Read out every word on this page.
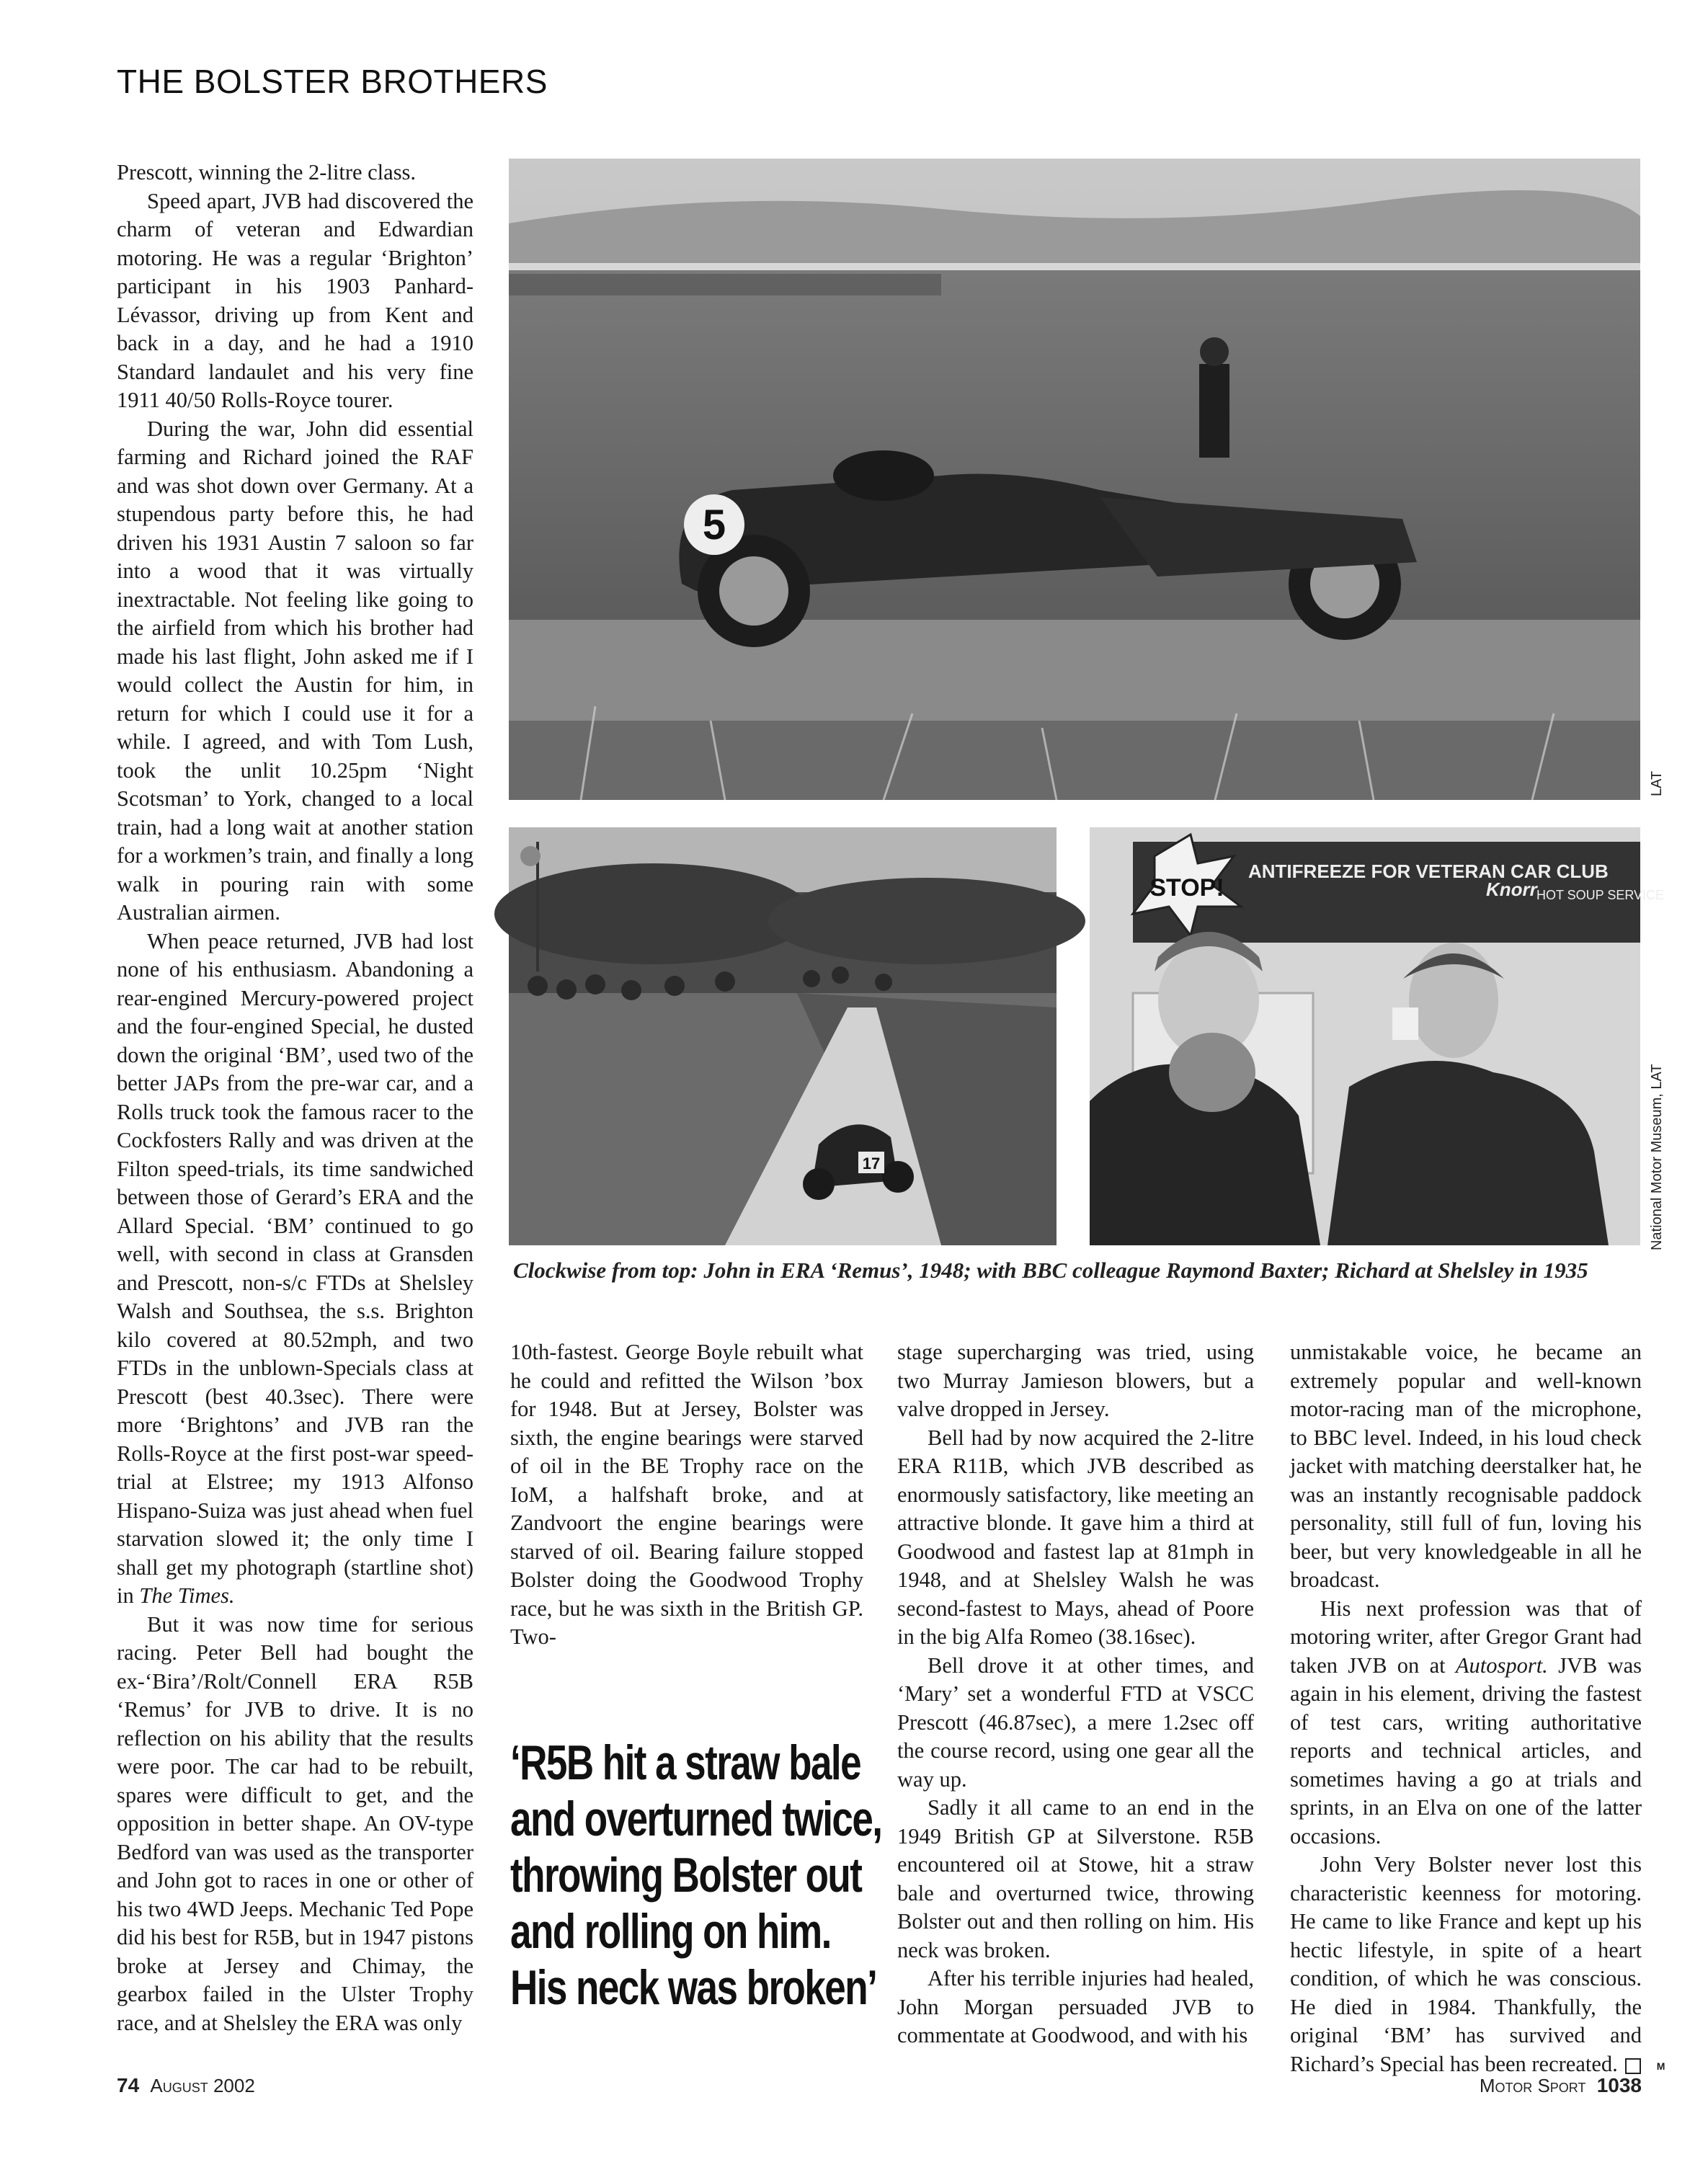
THE BOLSTER BROTHERS

Prescott, winning the 2-litre class.

Speed apart, JVB had discovered the charm of veteran and Edwardian motoring. He was a regular ‘Brighton’ participant in his 1903 Panhard-Lévassor, driving up from Kent and back in a day, and he had a 1910 Standard landaulet and his very fine 1911 40/50 Rolls-Royce tourer.

During the war, John did essential farming and Richard joined the RAF and was shot down over Germany. At a stupendous party before this, he had driven his 1931 Austin 7 saloon so far into a wood that it was virtually inextractable. Not feeling like going to the airfield from which his brother had made his last flight, John asked me if I would collect the Austin for him, in return for which I could use it for a while. I agreed, and with Tom Lush, took the unlit 10.25pm ‘Night Scotsman’ to York, changed to a local train, had a long wait at another station for a workmen’s train, and finally a long walk in pouring rain with some Australian airmen.

When peace returned, JVB had lost none of his enthusiasm. Abandoning a rear-engined Mercury-powered project and the four-engined Special, he dusted down the original ‘BM’, used two of the better JAPs from the pre-war car, and a Rolls truck took the famous racer to the Cockfosters Rally and was driven at the Filton speed-trials, its time sandwiched between those of Gerard’s ERA and the Allard Special. ‘BM’ continued to go well, with second in class at Gransden and Prescott, non-s/c FTDs at Shelsley Walsh and Southsea, the s.s. Brighton kilo covered at 80.52mph, and two FTDs in the unblown-Specials class at Prescott (best 40.3sec). There were more ‘Brightons’ and JVB ran the Rolls-Royce at the first post-war speed-trial at Elstree; my 1913 Alfonso Hispano-Suiza was just ahead when fuel starvation slowed it; the only time I shall get my photograph (startline shot) in The Times.

But it was now time for serious racing. Peter Bell had bought the ex-‘Bira’/Rolt/Connell ERA R5B ‘Remus’ for JVB to drive. It is no reflection on his ability that the results were poor. The car had to be rebuilt, spares were difficult to get, and the opposition in better shape. An OV-type Bedford van was used as the transporter and John got to races in one or other of his two 4WD Jeeps. Mechanic Ted Pope did his best for R5B, but in 1947 pistons broke at Jersey and Chimay, the gearbox failed in the Ulster Trophy race, and at Shelsley the ERA was only

5
LAT
17
STOP!
ANTIFREEZE FOR VETERAN CAR CLUB
Knorr HOT SOUP SERVICE
National Motor Museum, LAT
Clockwise from top: John in ERA ‘Remus’, 1948; with BBC colleague Raymond Baxter; Richard at Shelsley in 1935

10th-fastest. George Boyle rebuilt what he could and refitted the Wilson ’box for 1948. But at Jersey, Bolster was sixth, the engine bearings were starved of oil in the BE Trophy race on the IoM, a halfshaft broke, and at Zandvoort the engine bearings were starved of oil. Bearing failure stopped Bolster doing the Goodwood Trophy race, but he was sixth in the British GP. Two-

‘R5B hit a straw bale
and overturned twice,
throwing Bolster out
and rolling on him.
His neck was broken’

stage supercharging was tried, using two Murray Jamieson blowers, but a valve dropped in Jersey.

Bell had by now acquired the 2-litre ERA R11B, which JVB described as enormously satisfactory, like meeting an attractive blonde. It gave him a third at Goodwood and fastest lap at 81mph in 1948, and at Shelsley Walsh he was second-fastest to Mays, ahead of Poore in the big Alfa Romeo (38.16sec).

Bell drove it at other times, and ‘Mary’ set a wonderful FTD at VSCC Prescott (46.87sec), a mere 1.2sec off the course record, using one gear all the way up.

Sadly it all came to an end in the 1949 British GP at Silverstone. R5B encountered oil at Stowe, hit a straw bale and overturned twice, throwing Bolster out and then rolling on him. His neck was broken.

After his terrible injuries had healed, John Morgan persuaded JVB to commentate at Goodwood, and with his

unmistakable voice, he became an extremely popular and well-known motor-racing man of the microphone, to BBC level. Indeed, in his loud check jacket with matching deerstalker hat, he was an instantly recognisable paddock personality, still full of fun, loving his beer, but very knowledgeable in all he broadcast.

His next profession was that of motoring writer, after Gregor Grant had taken JVB on at Autosport. JVB was again in his element, driving the fastest of test cars, writing authoritative reports and technical articles, and sometimes having a go at trials and sprints, in an Elva on one of the latter occasions.

John Very Bolster never lost this characteristic keenness for motoring. He came to like France and kept up his hectic lifestyle, in spite of a heart condition, of which he was conscious. He died in 1984. Thankfully, the original ‘BM’ has survived and Richard’s Special has been recreated.	M

74 August 2002	Motor Sport 1038
